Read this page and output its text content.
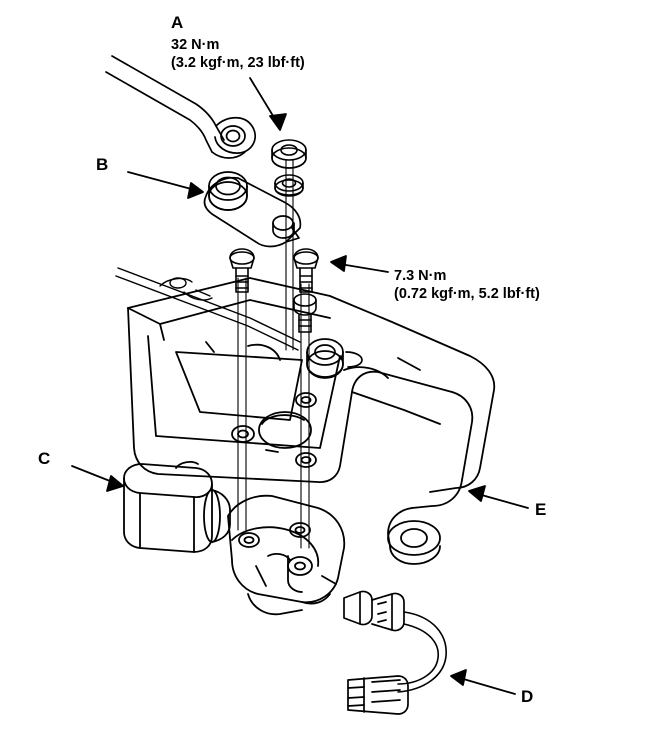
A
32 N·m
(3.2 kgf·m, 23 lbf·ft)
B
7.3 N·m
(0.72 kgf·m, 5.2 lbf·ft)
C
D
E
